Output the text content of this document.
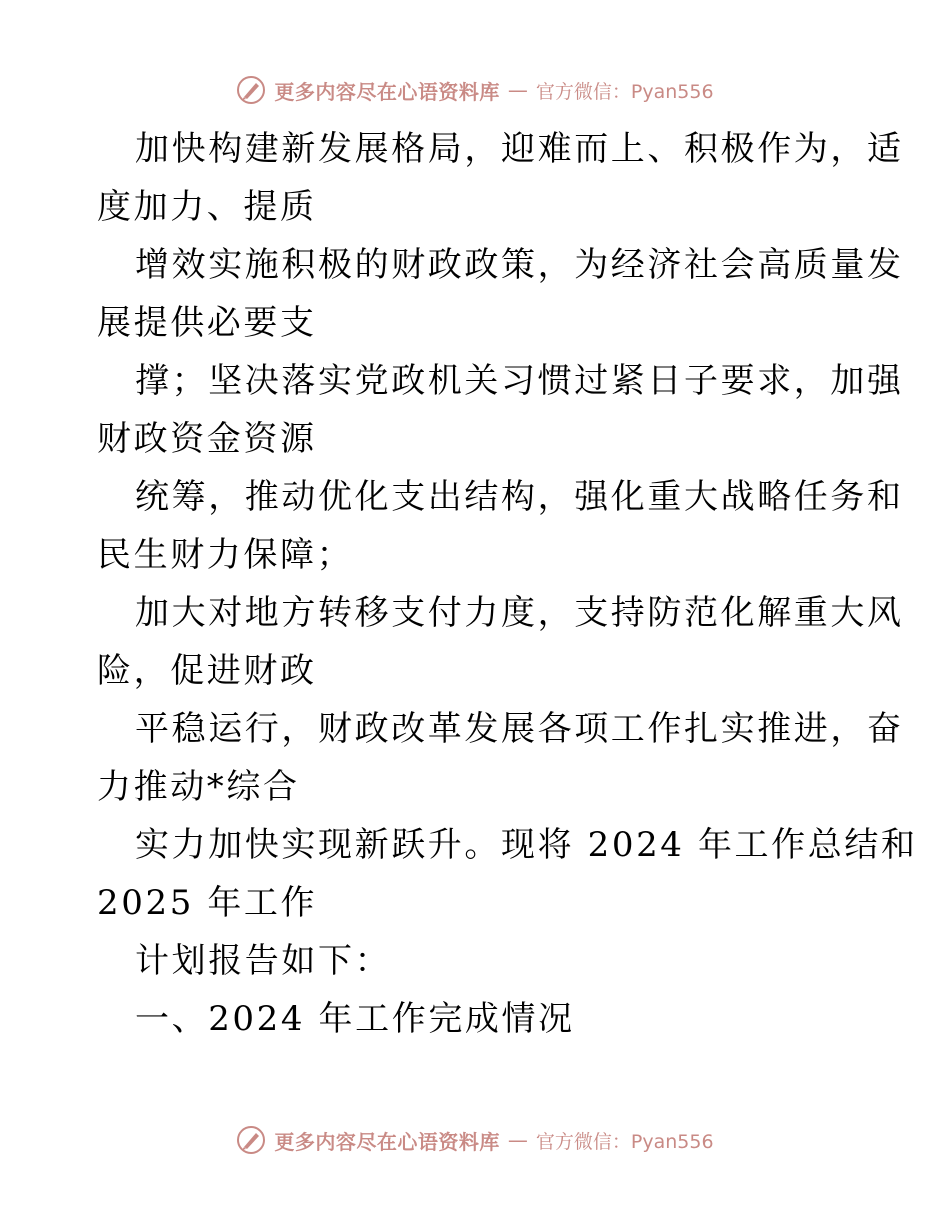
更多内容尽在心语资料库 — 官方微信：Pyan556
加快构建新发展格局，迎难而上、积极作为，适
度加力、提质
增效实施积极的财政政策，为经济社会高质量发
展提供必要支
撑；坚决落实党政机关习惯过紧日子要求，加强
财政资金资源
统筹，推动优化支出结构，强化重大战略任务和
民生财力保障；
加大对地方转移支付力度，支持防范化解重大风
险，促进财政
平稳运行，财政改革发展各项工作扎实推进，奋
力推动*综合
实力加快实现新跃升。现将 2024 年工作总结和
2025 年工作
计划报告如下：
一、2024 年工作完成情况
更多内容尽在心语资料库 — 官方微信：Pyan556
